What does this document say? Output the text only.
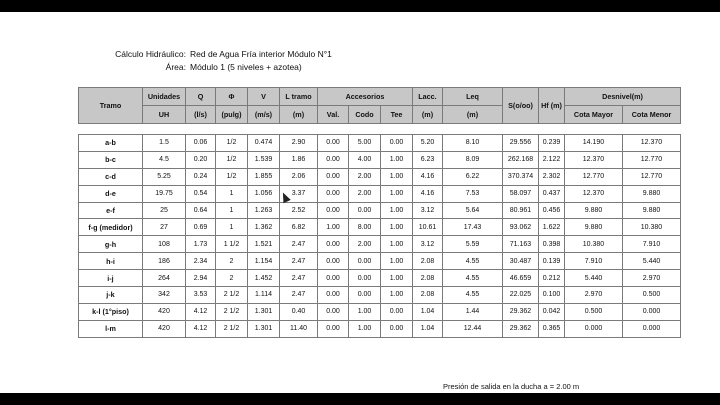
Cálculo Hidráulico: Red de Agua Fría interior Módulo N°1
Área: Módulo 1 (5 niveles + azotea)
Tramo	Unidades	Q	Φ	V	L tramo	Accesorios			Lacc.	Leq	S(o/oo)	Hf (m)	Desnivel(m)	
	UH	(l/s)	(pulg)	(m/s)	(m)	Val.	Codo	Tee	(m)	(m)			Cota Mayor	Cota Menor

a-b	1.5	0.06	1/2	0.474	2.90	0.00	5.00	0.00	5.20	8.10	29.556	0.239	14.190	12.370
b-c	4.5	0.20	1/2	1.539	1.86	0.00	4.00	1.00	6.23	8.09	262.168	2.122	12.370	12.770
c-d	5.25	0.24	1/2	1.855	2.06	0.00	2.00	1.00	4.16	6.22	370.374	2.302	12.770	12.770
d-e	19.75	0.54	1	1.056	3.37	0.00	2.00	1.00	4.16	7.53	58.097	0.437	12.370	9.880
e-f	25	0.64	1	1.263	2.52	0.00	0.00	1.00	3.12	5.64	80.961	0.456	9.880	9.880
f-g (medidor)	27	0.69	1	1.362	6.82	1.00	8.00	1.00	10.61	17.43	93.062	1.622	9.880	10.380
g-h	108	1.73	1 1/2	1.521	2.47	0.00	2.00	1.00	3.12	5.59	71.163	0.398	10.380	7.910
h-i	186	2.34	2	1.154	2.47	0.00	0.00	1.00	2.08	4.55	30.487	0.139	7.910	5.440
i-j	264	2.94	2	1.452	2.47	0.00	0.00	1.00	2.08	4.55	46.659	0.212	5.440	2.970
j-k	342	3.53	2 1/2	1.114	2.47	0.00	0.00	1.00	2.08	4.55	22.025	0.100	2.970	0.500
k-l (1°piso)	420	4.12	2 1/2	1.301	0.40	0.00	1.00	0.00	1.04	1.44	29.362	0.042	0.500	0.000
l-m	420	4.12	2 1/2	1.301	11.40	0.00	1.00	0.00	1.04	12.44	29.362	0.365	0.000	0.000
Presión de salida en la ducha a = 2.00 m
